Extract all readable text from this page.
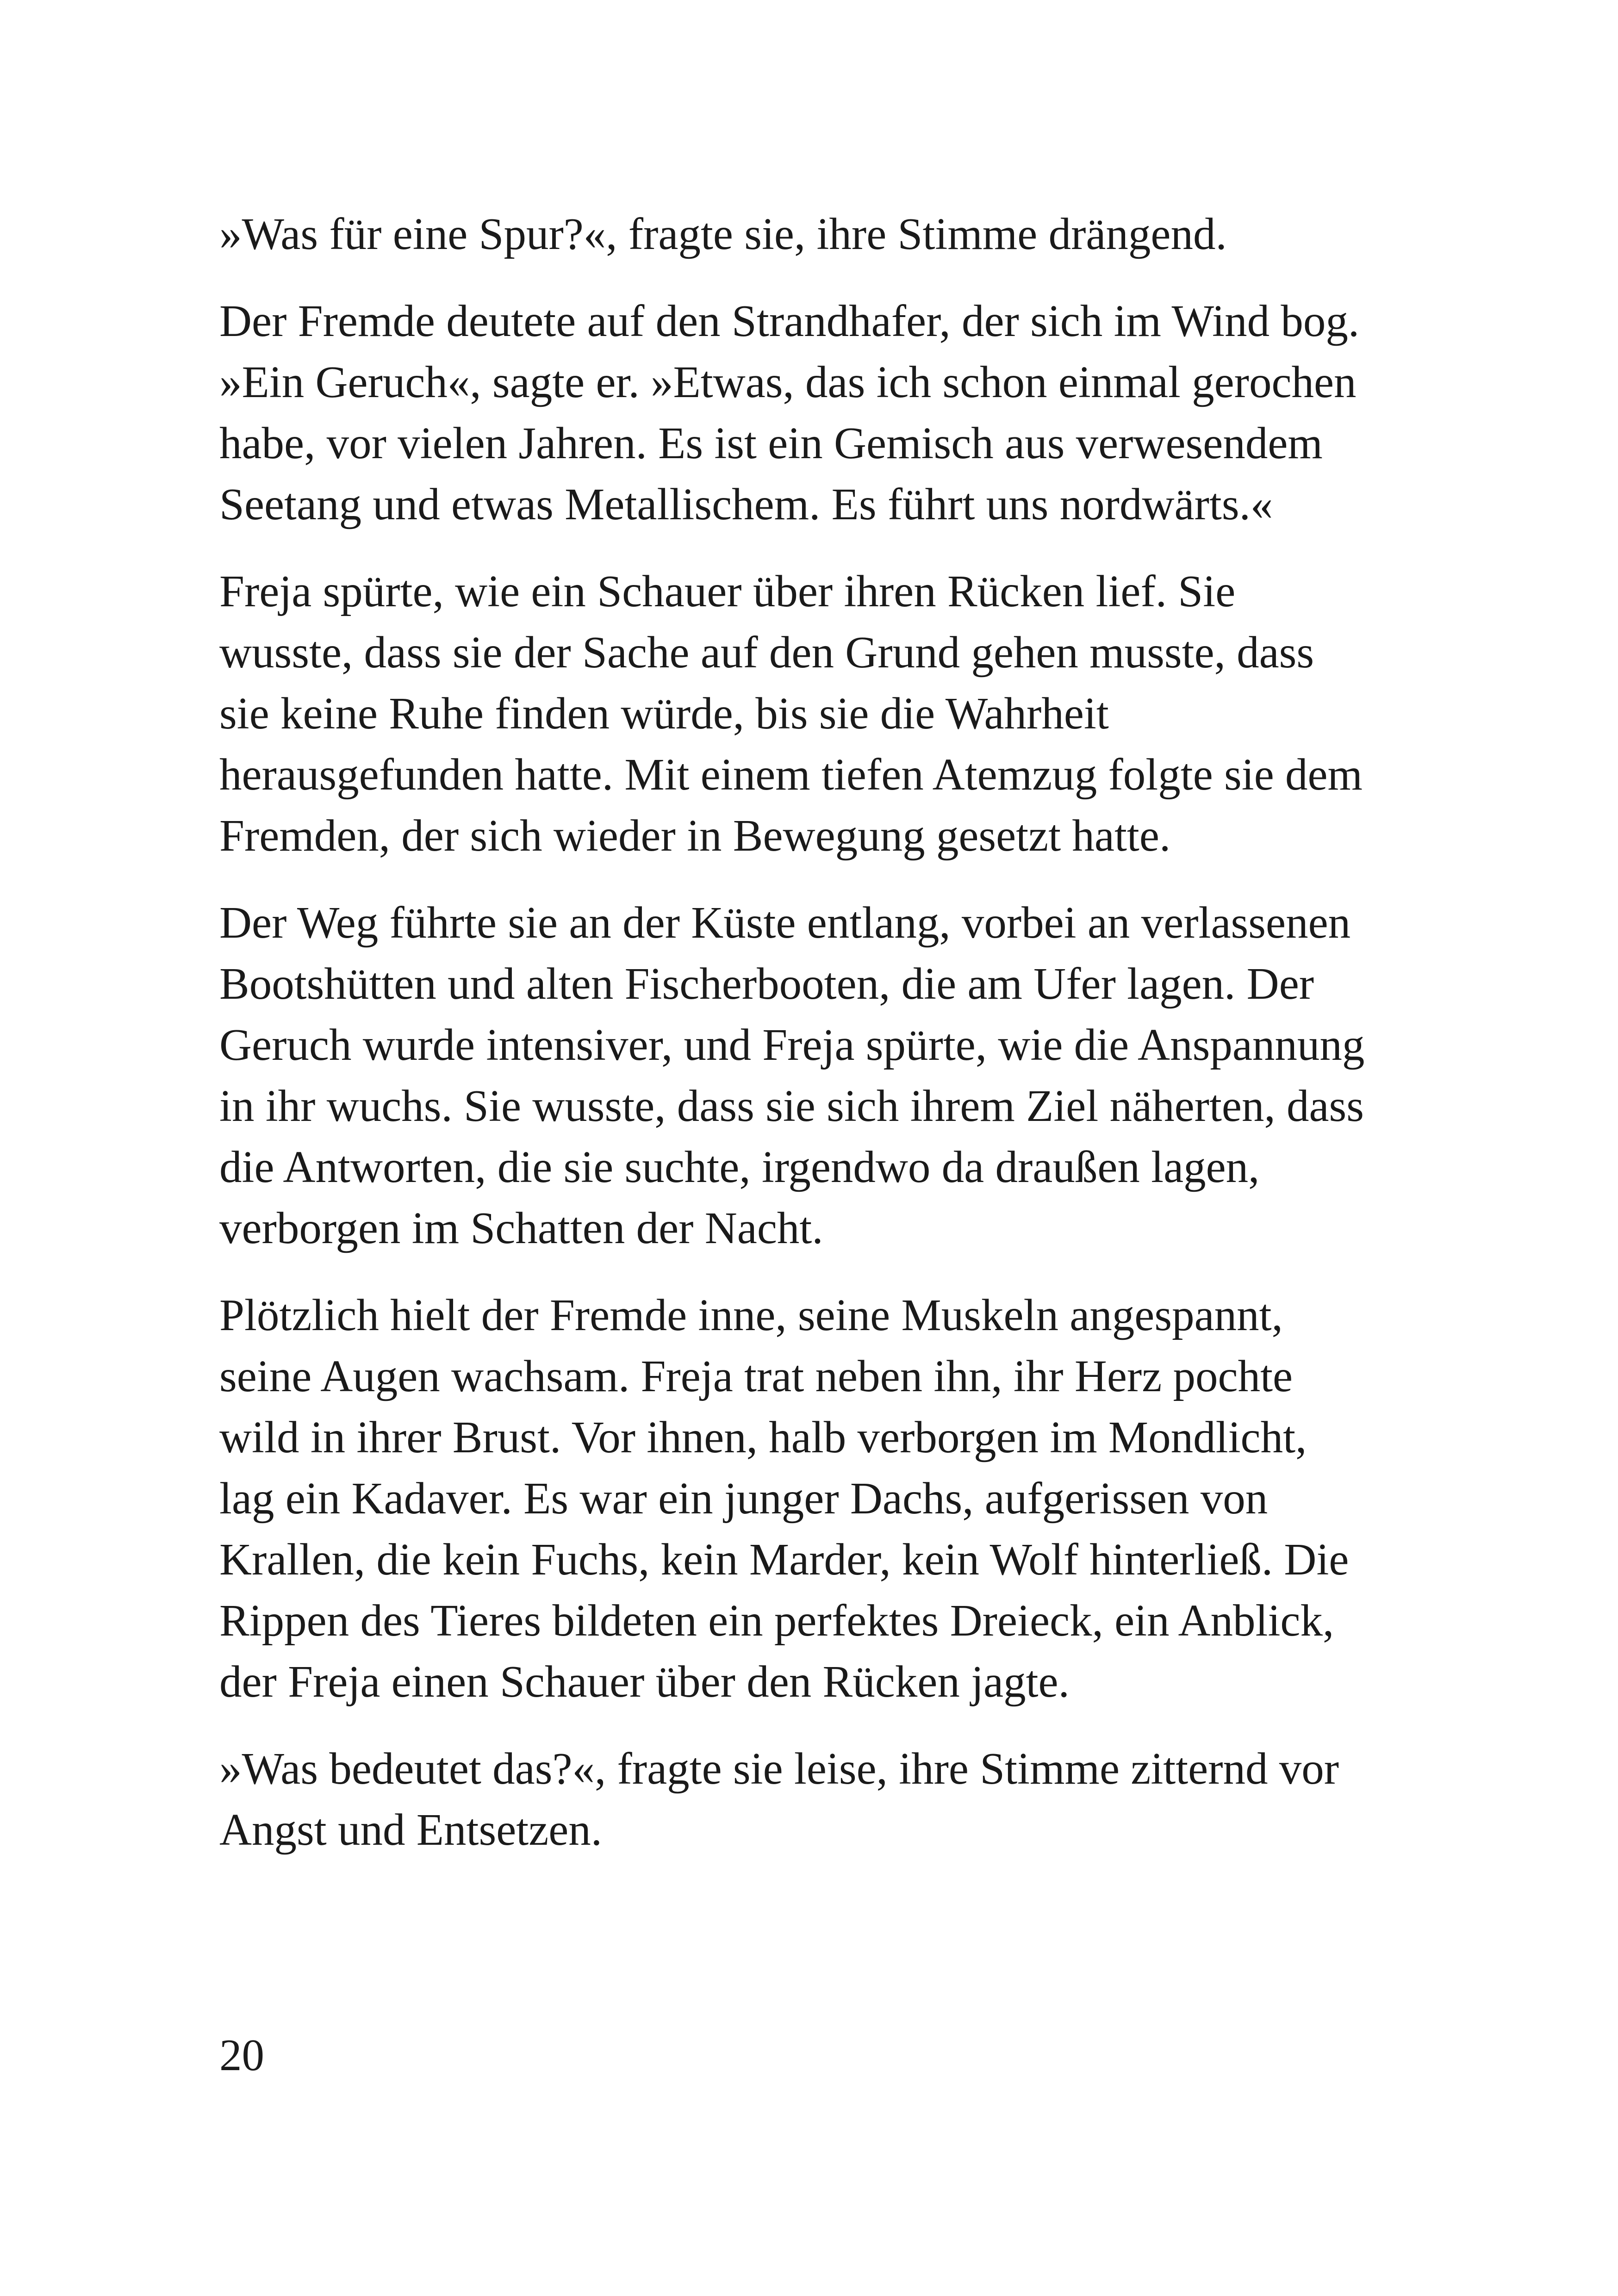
»Was für eine Spur?«, fragte sie, ihre Stimme drängend.

Der Fremde deutete auf den Strandhafer, der sich im Wind bog.
»Ein Geruch«, sagte er. »Etwas, das ich schon einmal gerochen
habe, vor vielen Jahren. Es ist ein Gemisch aus verwesendem
Seetang und etwas Metallischem. Es führt uns nordwärts.«

Freja spürte, wie ein Schauer über ihren Rücken lief. Sie
wusste, dass sie der Sache auf den Grund gehen musste, dass
sie keine Ruhe finden würde, bis sie die Wahrheit
herausgefunden hatte. Mit einem tiefen Atemzug folgte sie dem
Fremden, der sich wieder in Bewegung gesetzt hatte.

Der Weg führte sie an der Küste entlang, vorbei an verlassenen
Bootshütten und alten Fischerbooten, die am Ufer lagen. Der
Geruch wurde intensiver, und Freja spürte, wie die Anspannung
in ihr wuchs. Sie wusste, dass sie sich ihrem Ziel näherten, dass
die Antworten, die sie suchte, irgendwo da draußen lagen,
verborgen im Schatten der Nacht.

Plötzlich hielt der Fremde inne, seine Muskeln angespannt,
seine Augen wachsam. Freja trat neben ihn, ihr Herz pochte
wild in ihrer Brust. Vor ihnen, halb verborgen im Mondlicht,
lag ein Kadaver. Es war ein junger Dachs, aufgerissen von
Krallen, die kein Fuchs, kein Marder, kein Wolf hinterließ. Die
Rippen des Tieres bildeten ein perfektes Dreieck, ein Anblick,
der Freja einen Schauer über den Rücken jagte.

»Was bedeutet das?«, fragte sie leise, ihre Stimme zitternd vor
Angst und Entsetzen.

20
